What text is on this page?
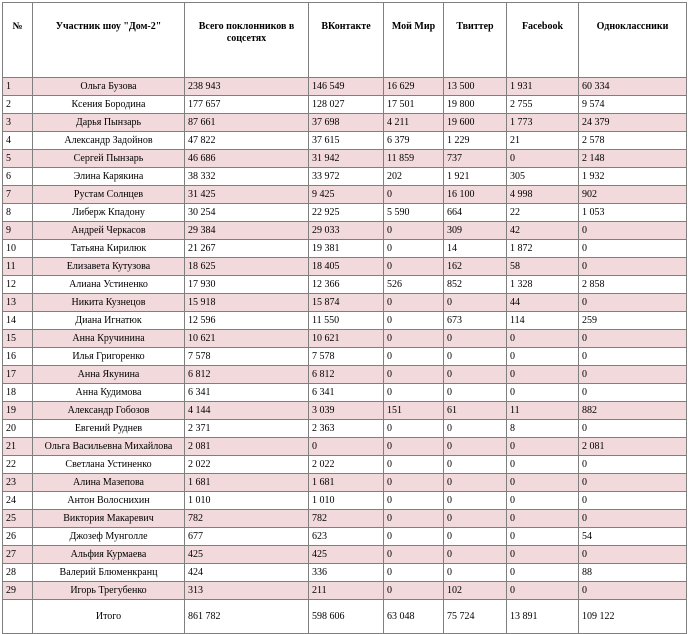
№	Участник шоу "Дом-2"	Всего поклонников в соцсетях	ВКонтакте	Мой Мир	Твиттер	Facebook	Одноклассники
1	Ольга Бузова	238 943	146 549	16 629	13 500	1 931	60 334
2	Ксения Бородина	177 657	128 027	17 501	19 800	2 755	9 574
3	Дарья Пынзарь	87 661	37 698	4 211	19 600	1 773	24 379
4	Александр Задойнов	47 822	37 615	6 379	1 229	21	2 578
5	Сергей Пынзарь	46 686	31 942	11 859	737	0	2 148
6	Элина Карякина	38 332	33 972	202	1 921	305	1 932
7	Рустам Солнцев	31 425	9 425	0	16 100	4 998	902
8	Либерж Кпадону	30 254	22 925	5 590	664	22	1 053
9	Андрей Черкасов	29 384	29 033	0	309	42	0
10	Татьяна Кирилюк	21 267	19 381	0	14	1 872	0
11	Елизавета Кутузова	18 625	18 405	0	162	58	0
12	Алиана Устиненко	17 930	12 366	526	852	1 328	2 858
13	Никита Кузнецов	15 918	15 874	0	0	44	0
14	Диана Игнатюк	12 596	11 550	0	673	114	259
15	Анна Кручинина	10 621	10 621	0	0	0	0
16	Илья Григоренко	7 578	7 578	0	0	0	0
17	Анна Якунина	6 812	6 812	0	0	0	0
18	Анна Кудимова	6 341	6 341	0	0	0	0
19	Александр Гобозов	4 144	3 039	151	61	11	882
20	Евгений Руднев	2 371	2 363	0	0	8	0
21	Ольга Васильевна Михайлова	2 081	0	0	0	0	2 081
22	Светлана Устиненко	2 022	2 022	0	0	0	0
23	Алина Мазепова	1 681	1 681	0	0	0	0
24	Антон Волоснихин	1 010	1 010	0	0	0	0
25	Виктория Макаревич	782	782	0	0	0	0
26	Джозеф Мунголле	677	623	0	0	0	54
27	Альфия Курмаева	425	425	0	0	0	0
28	Валерий Блюменкранц	424	336	0	0	0	88
29	Игорь Трегубенко	313	211	0	102	0	0
	Итого	861 782	598 606	63 048	75 724	13 891	109 122
